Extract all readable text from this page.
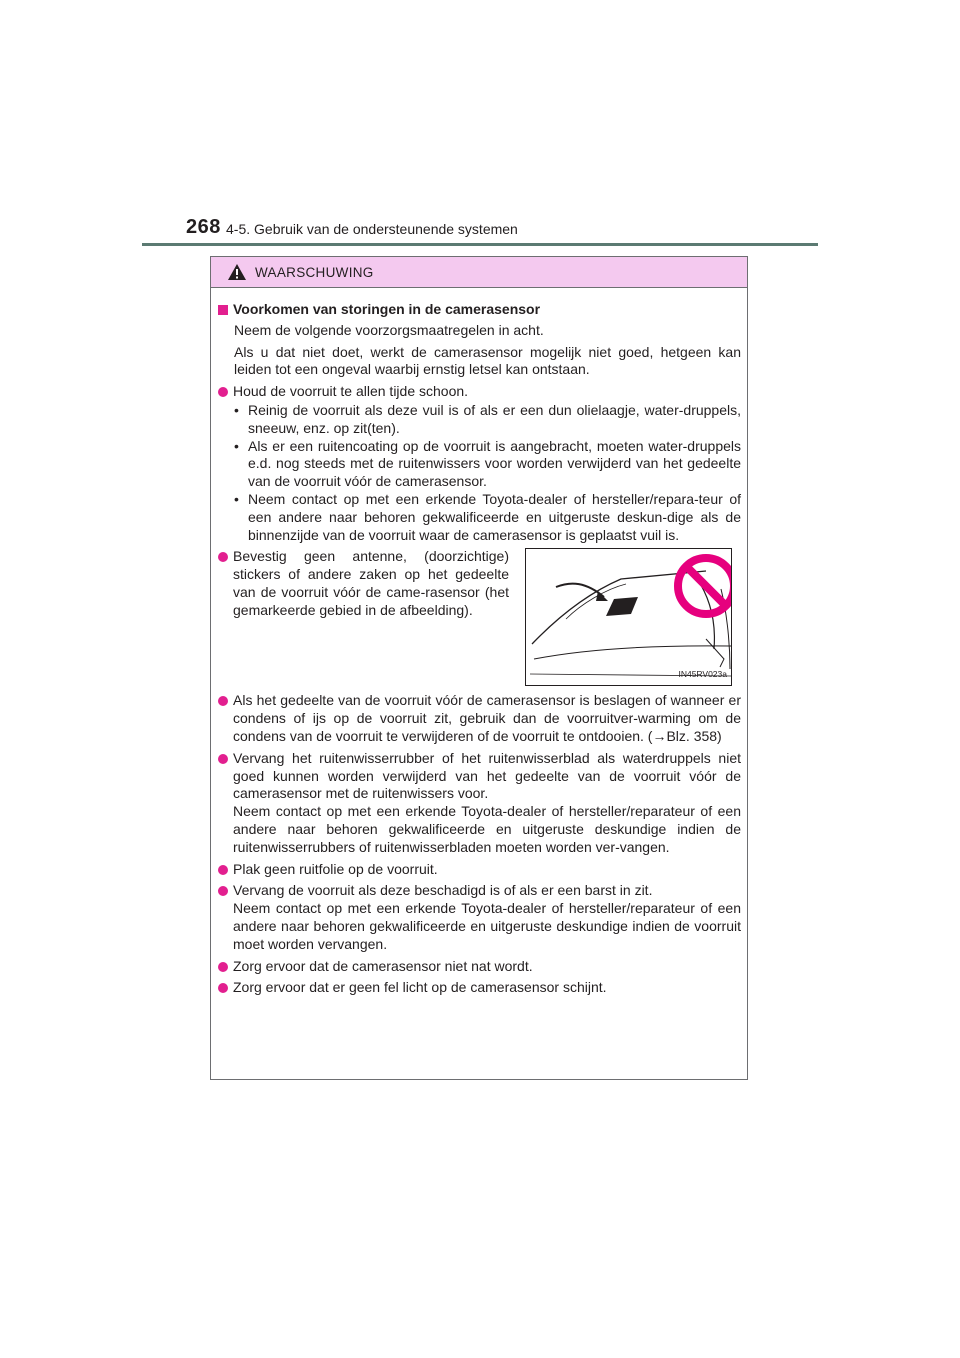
268 4-5. Gebruik van de ondersteunende systemen
WAARSCHUWING
Voorkomen van storingen in de camerasensor
Neem de volgende voorzorgsmaatregelen in acht.
Als u dat niet doet, werkt de camerasensor mogelijk niet goed, hetgeen kan leiden tot een ongeval waarbij ernstig letsel kan ontstaan.
Houd de voorruit te allen tijde schoon.
• Reinig de voorruit als deze vuil is of als er een dun olielaagje, water-druppels, sneeuw, enz. op zit(ten).
• Als er een ruitencoating op de voorruit is aangebracht, moeten water-druppels e.d. nog steeds met de ruitenwissers voor worden verwijderd van het gedeelte van de voorruit vóór de camerasensor.
• Neem contact op met een erkende Toyota-dealer of hersteller/repara-teur of een andere naar behoren gekwalificeerde en uitgeruste deskun-dige als de binnenzijde van de voorruit waar de camerasensor is geplaatst vuil is.
Bevestig geen antenne, (doorzichtige) stickers of andere zaken op het gedeelte van de voorruit vóór de came-rasensor (het gemarkeerde gebied in de afbeelding).
IN45RV023a
Als het gedeelte van de voorruit vóór de camerasensor is beslagen of wanneer er condens of ijs op de voorruit zit, gebruik dan de voorruitver-warming om de condens van de voorruit te verwijderen of de voorruit te ontdooien. (→Blz. 358)
Vervang het ruitenwisserrubber of het ruitenwisserblad als waterdruppels niet goed kunnen worden verwijderd van het gedeelte van de voorruit vóór de camerasensor met de ruitenwissers voor.
Neem contact op met een erkende Toyota-dealer of hersteller/reparateur of een andere naar behoren gekwalificeerde en uitgeruste deskundige indien de ruitenwisserrubbers of ruitenwisserbladen moeten worden ver-vangen.
Plak geen ruitfolie op de voorruit.
Vervang de voorruit als deze beschadigd is of als er een barst in zit.
Neem contact op met een erkende Toyota-dealer of hersteller/reparateur of een andere naar behoren gekwalificeerde en uitgeruste deskundige indien de voorruit moet worden vervangen.
Zorg ervoor dat de camerasensor niet nat wordt.
Zorg ervoor dat er geen fel licht op de camerasensor schijnt.
